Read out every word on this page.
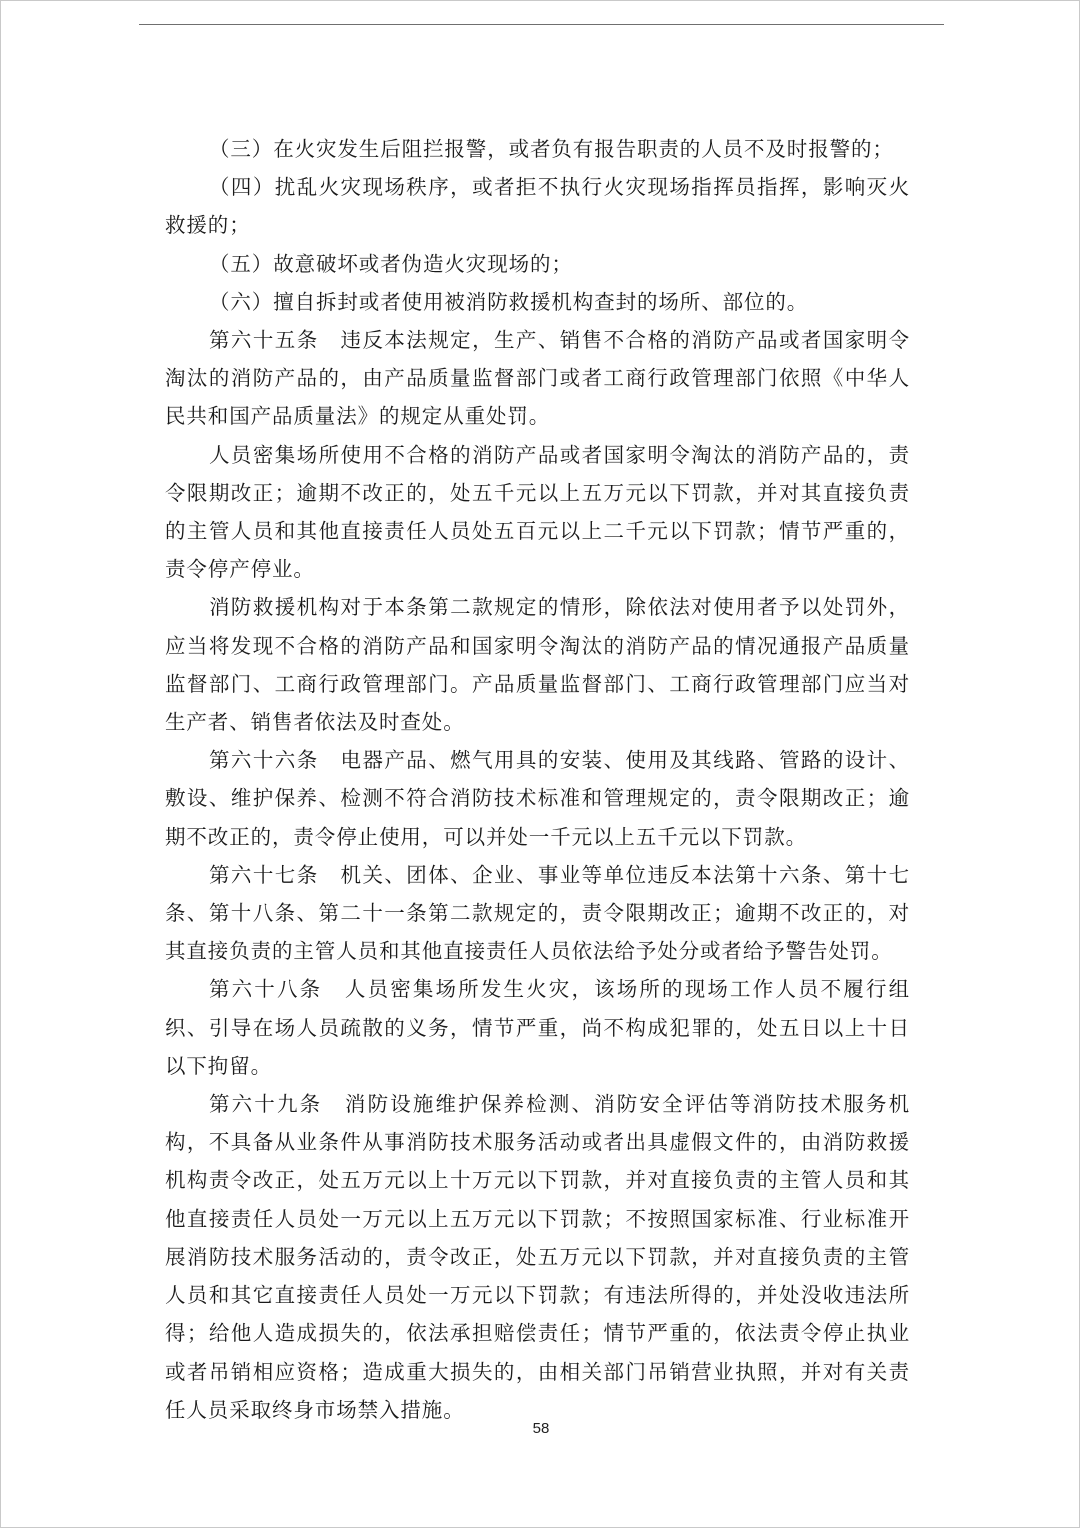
（三）在火灾发生后阻拦报警，或者负有报告职责的人员不及时报警的；

（四）扰乱火灾现场秩序，或者拒不执行火灾现场指挥员指挥，影响灭火救援的；

（五）故意破坏或者伪造火灾现场的；

（六）擅自拆封或者使用被消防救援机构查封的场所、部位的。

第六十五条　违反本法规定，生产、销售不合格的消防产品或者国家明令淘汰的消防产品的，由产品质量监督部门或者工商行政管理部门依照《中华人民共和国产品质量法》的规定从重处罚。

人员密集场所使用不合格的消防产品或者国家明令淘汰的消防产品的，责令限期改正；逾期不改正的，处五千元以上五万元以下罚款，并对其直接负责的主管人员和其他直接责任人员处五百元以上二千元以下罚款；情节严重的，责令停产停业。

消防救援机构对于本条第二款规定的情形，除依法对使用者予以处罚外，应当将发现不合格的消防产品和国家明令淘汰的消防产品的情况通报产品质量监督部门、工商行政管理部门。产品质量监督部门、工商行政管理部门应当对生产者、销售者依法及时查处。

第六十六条　电器产品、燃气用具的安装、使用及其线路、管路的设计、敷设、维护保养、检测不符合消防技术标准和管理规定的，责令限期改正；逾期不改正的，责令停止使用，可以并处一千元以上五千元以下罚款。

第六十七条　机关、团体、企业、事业等单位违反本法第十六条、第十七条、第十八条、第二十一条第二款规定的，责令限期改正；逾期不改正的，对其直接负责的主管人员和其他直接责任人员依法给予处分或者给予警告处罚。

第六十八条　人员密集场所发生火灾，该场所的现场工作人员不履行组织、引导在场人员疏散的义务，情节严重，尚不构成犯罪的，处五日以上十日以下拘留。

第六十九条　消防设施维护保养检测、消防安全评估等消防技术服务机构，不具备从业条件从事消防技术服务活动或者出具虚假文件的，由消防救援机构责令改正，处五万元以上十万元以下罚款，并对直接负责的主管人员和其他直接责任人员处一万元以上五万元以下罚款；不按照国家标准、行业标准开展消防技术服务活动的，责令改正，处五万元以下罚款，并对直接负责的主管人员和其它直接责任人员处一万元以下罚款；有违法所得的，并处没收违法所得；给他人造成损失的，依法承担赔偿责任；情节严重的，依法责令停止执业或者吊销相应资格；造成重大损失的，由相关部门吊销营业执照，并对有关责任人员采取终身市场禁入措施。

58
